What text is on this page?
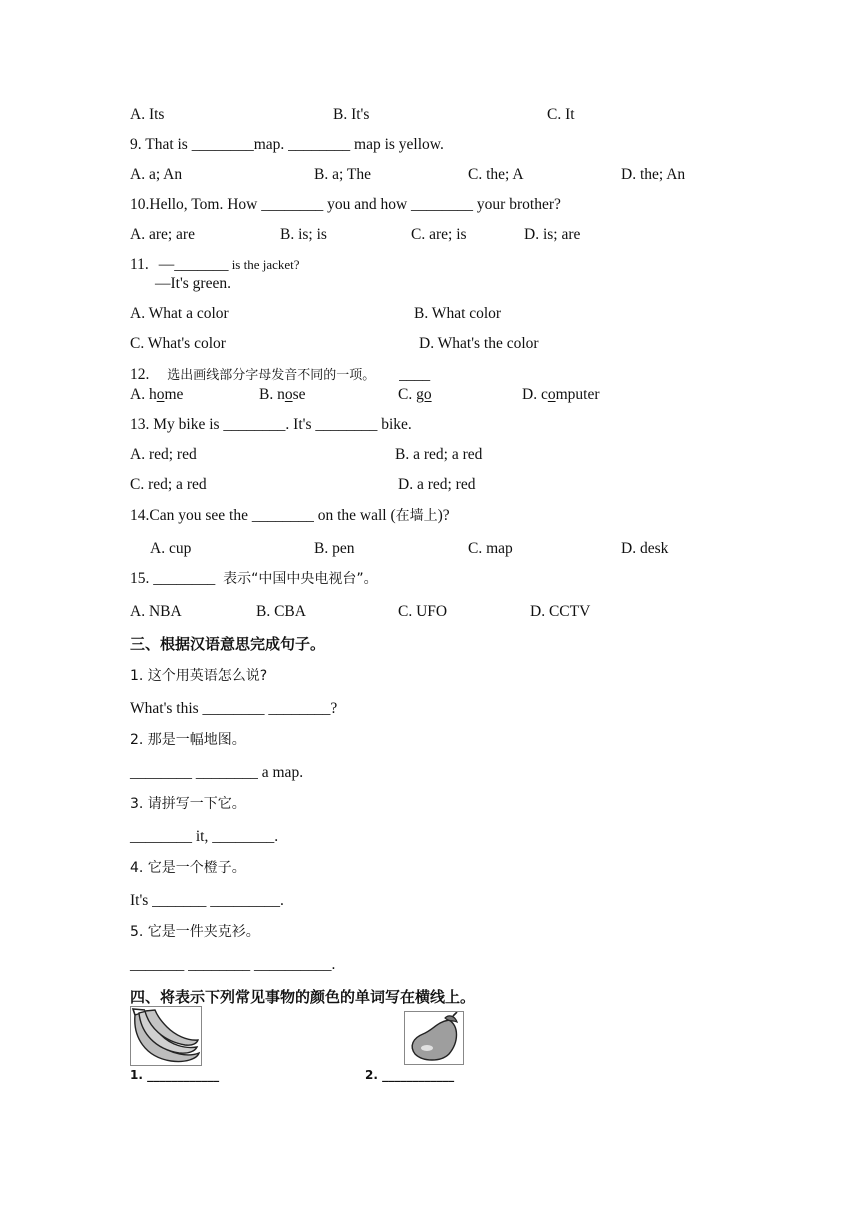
A. Its	B. It's	C. It
9. That is ________map. ________ map is yellow.
A. a; An	B. a; The	C. the; A	D. the; An
10.Hello, Tom. How ________ you and how ________ your brother?
A. are; are	B. is; is	C. are; is	D. is; are
11. —_______ is the jacket?
—It's green.
A. What a color	B. What color
C. What's color	D. What's the color
12. 选出画线部分字母发音不同的一项。 ____
A. home	B. nose	C. go	D. computer
13. My bike is ________. It's ________ bike.
A. red; red	B. a red; a red
C. red; a red	D. a red; red
14.Can you see the ________ on the wall (在墙上)?
A. cup	B. pen	C. map	D. desk
15. ________ 表示“中国中央电视台”。
A. NBA	B. CBA	C. UFO	D. CCTV
三、根据汉语意思完成句子。
1. 这个用英语怎么说?
What's this ________ ________?
2. 那是一幅地图。
________ ________ a map.
3. 请拼写一下它。
________ it, ________.
4. 它是一个橙子。
It's _______ _________.
5. 它是一件夹克衫。
_______ ________ __________.
四、将表示下列常见事物的颜色的单词写在横线上。
1. ____________	2. ____________
